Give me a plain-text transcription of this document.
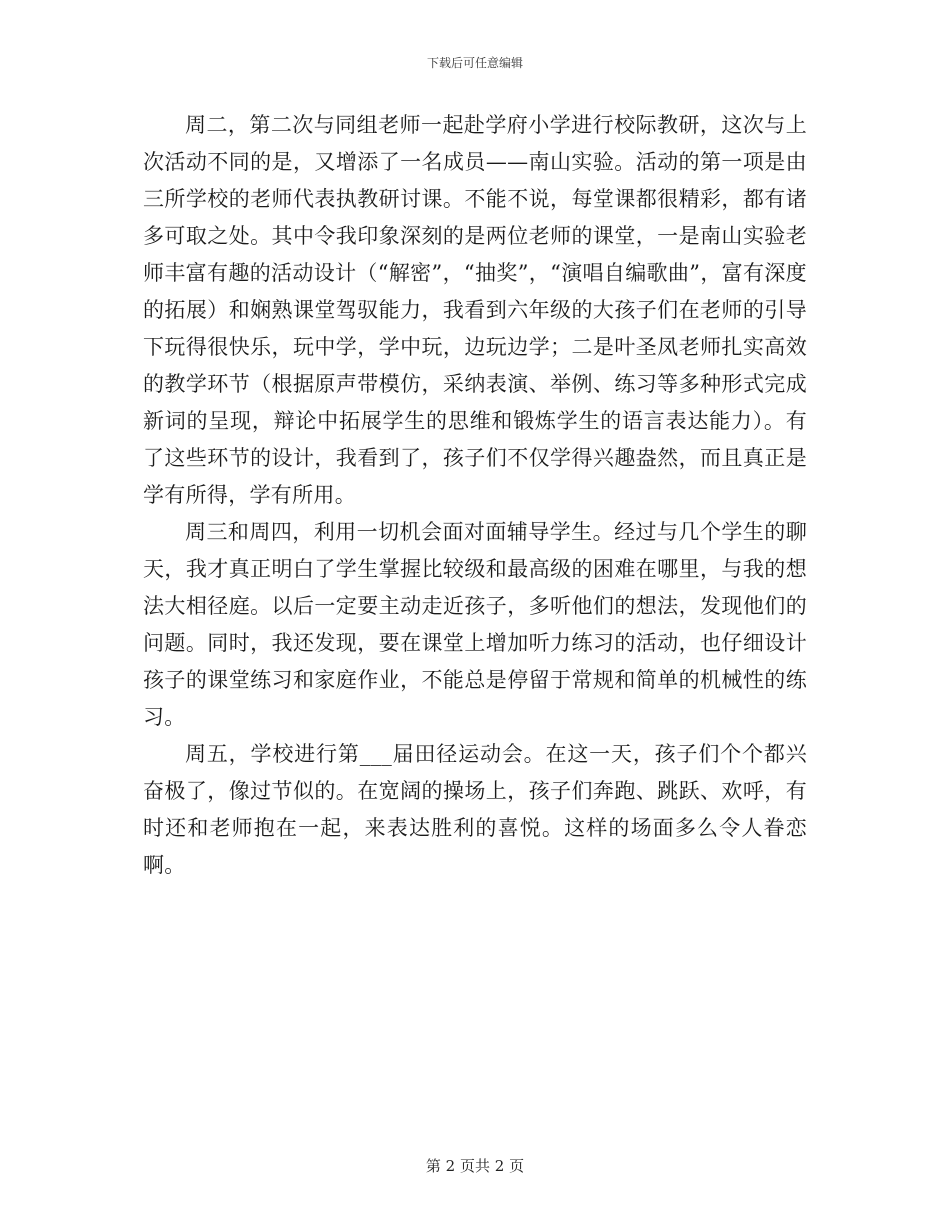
下载后可任意编辑

周二，第二次与同组老师一起赴学府小学进行校际教研，这次与上次活动不同的是，又增添了一名成员——南山实验。活动的第一项是由三所学校的老师代表执教研讨课。不能不说，每堂课都很精彩，都有诸多可取之处。其中令我印象深刻的是两位老师的课堂，一是南山实验老师丰富有趣的活动设计（“解密”，“抽奖”，“演唱自编歌曲”，富有深度的拓展）和娴熟课堂驾驭能力，我看到六年级的大孩子们在老师的引导下玩得很快乐，玩中学，学中玩，边玩边学；二是叶圣凤老师扎实高效的教学环节（根据原声带模仿，采纳表演、举例、练习等多种形式完成新词的呈现，辩论中拓展学生的思维和锻炼学生的语言表达能力）。有了这些环节的设计，我看到了，孩子们不仅学得兴趣盎然，而且真正是学有所得，学有所用。

周三和周四，利用一切机会面对面辅导学生。经过与几个学生的聊天，我才真正明白了学生掌握比较级和最高级的困难在哪里，与我的想法大相径庭。以后一定要主动走近孩子，多听他们的想法，发现他们的问题。同时，我还发现，要在课堂上增加听力练习的活动，也仔细设计孩子的课堂练习和家庭作业，不能总是停留于常规和简单的机械性的练习。

周五，学校进行第___届田径运动会。在这一天，孩子们个个都兴奋极了，像过节似的。在宽阔的操场上，孩子们奔跑、跳跃、欢呼，有时还和老师抱在一起，来表达胜利的喜悦。这样的场面多么令人眷恋啊。

第 2 页共 2 页
